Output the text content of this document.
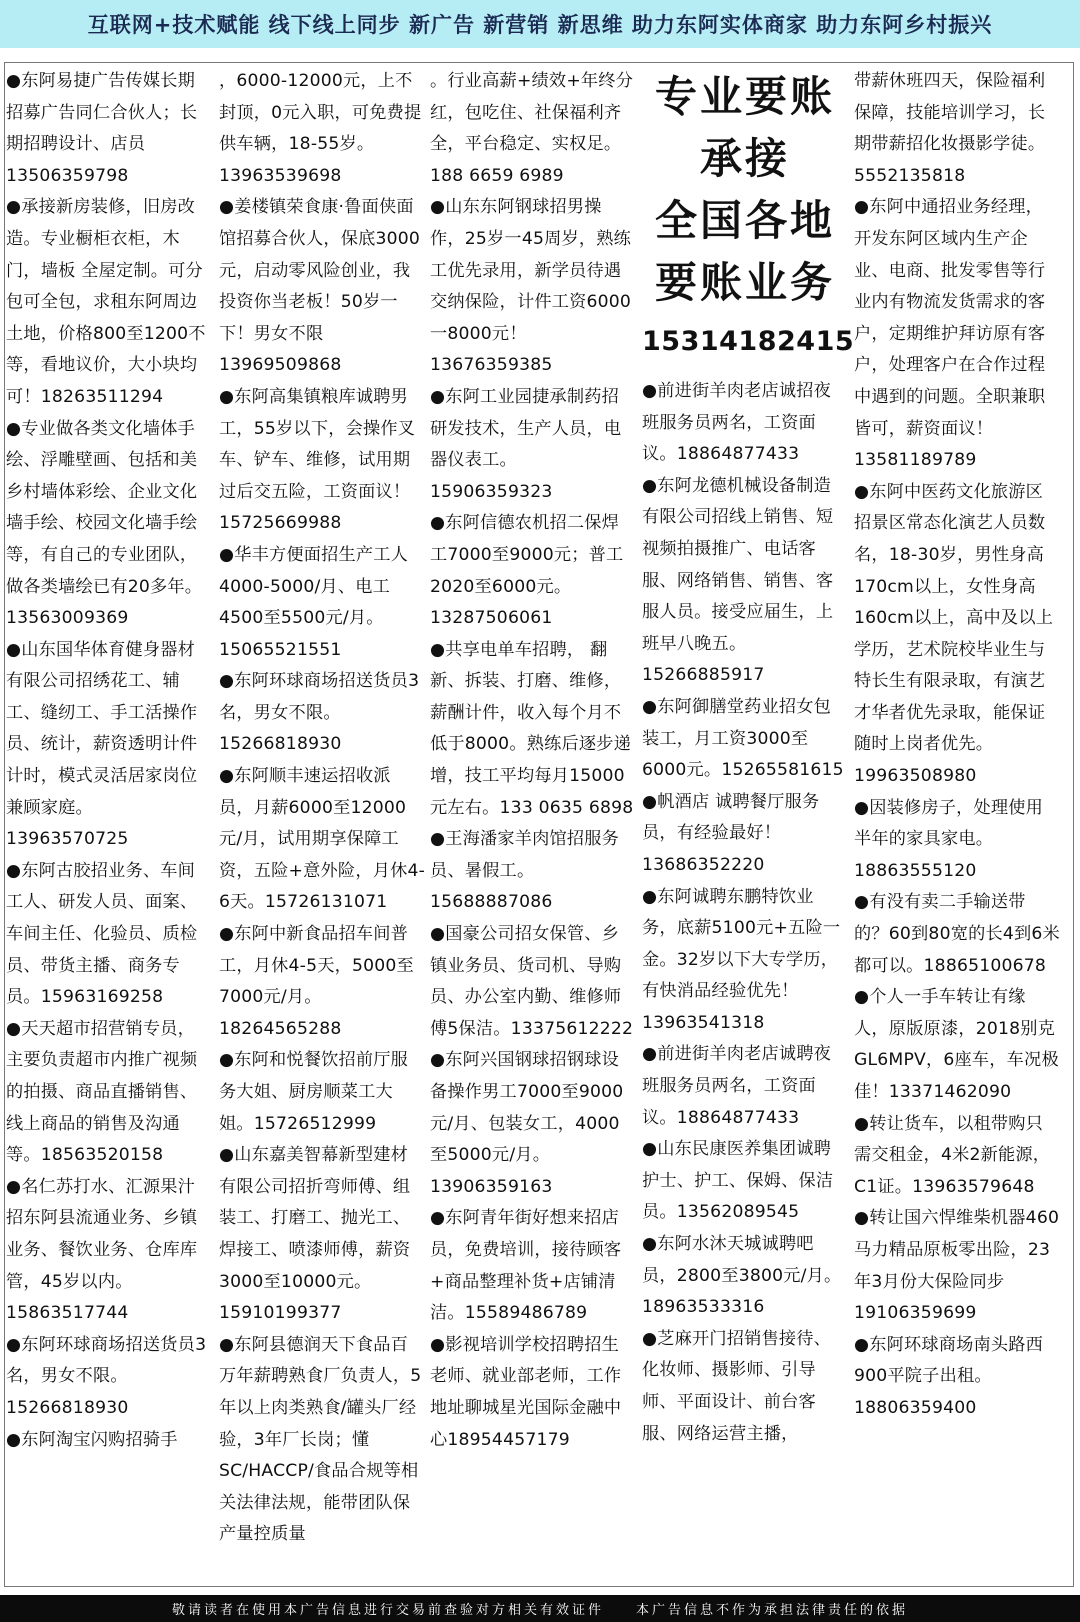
互联网+技术赋能 线下线上同步 新广告 新营销 新思维 助力东阿实体商家 助力东阿乡村振兴

●东阿易捷广告传媒长期招募广告同仁合伙人；长期招聘设计、店员13506359798

●承接新房装修，旧房改造。专业橱柜衣柜，木门，墙板 全屋定制。可分包可全包，求租东阿周边土地，价格800至1200不等，看地议价，大小块均可！18263511294

●专业做各类文化墙体手绘、浮雕壁画、包括和美乡村墙体彩绘、企业文化墙手绘、校园文化墙手绘等，有自己的专业团队，做各类墙绘已有20多年。13563009369

●山东国华体育健身器材有限公司招绣花工、辅工、缝纫工、手工活操作员、统计，薪资透明计件计时，模式灵活居家岗位兼顾家庭。13963570725

●东阿古胶招业务、车间工人、研发人员、面案、车间主任、化验员、质检员、带货主播、商务专员。15963169258

●天天超市招营销专员，主要负责超市内推广视频的拍摄、商品直播销售、线上商品的销售及沟通等。18563520158

●名仁苏打水、汇源果汁招东阿县流通业务、乡镇业务、餐饮业务、仓库库管，45岁以内。15863517744

●东阿环球商场招送货员3名，男女不限。15266818930

●东阿淘宝闪购招骑手

，6000-12000元，上不封顶，0元入职，可免费提供车辆，18-55岁。13963539698

●姜楼镇荣食康·鲁面侠面馆招募合伙人，保底3000元，启动零风险创业，我投资你当老板！50岁一下！男女不限13969509868

●东阿高集镇粮库诚聘男工，55岁以下，会操作叉车、铲车、维修，试用期过后交五险，工资面议！15725669988

●华丰方便面招生产工人4000-5000/月、电工4500至5500元/月。15065521551

●东阿环球商场招送货员3名，男女不限。15266818930

●东阿顺丰速运招收派员，月薪6000至12000元/月，试用期享保障工资，五险+意外险，月休4-6天。15726131071

●东阿中新食品招车间普工，月休4-5天，5000至7000元/月。18264565288

●东阿和悦餐饮招前厅服务大姐、厨房顺菜工大姐。15726512999

●山东嘉美智幕新型建材有限公司招折弯师傅、组装工、打磨工、抛光工、焊接工、喷漆师傅，薪资3000至10000元。15910199377

●东阿县德润天下食品百万年薪聘熟食厂负责人，5年以上肉类熟食/罐头厂经验，3年厂长岗；懂SC/HACCP/食品合规等相关法律法规，能带团队保产量控质量

。行业高薪+绩效+年终分红，包吃住、社保福利齐全，平台稳定、实权足。188 6659 6989

●山东东阿钢球招男操作，25岁一45周岁，熟练工优先录用，新学员待遇交纳保险，计件工资6000一8000元！13676359385

●东阿工业园捷承制药招研发技术，生产人员，电器仪表工。15906359323

●东阿信德农机招二保焊工7000至9000元；普工2020至6000元。13287506061

●共享电单车招聘， 翻新、拆装、打磨、维修， 薪酬计件，收入每个月不低于8000。熟练后逐步递增，技工平均每月15000元左右。133 0635 6898

●王海潘家羊肉馆招服务员、暑假工。15688887086

●国豪公司招女保管、乡镇业务员、货司机、导购员、办公室内勤、维修师傅5保洁。13375612222

●东阿兴国钢球招钢球设备操作男工7000至9000元/月、包装女工，4000至5000元/月。13906359163

●东阿青年街好想来招店员，免费培训，接待顾客+商品整理补货+店铺清洁。15589486789

●影视培训学校招聘招生老师、就业部老师，工作地址聊城星光国际金融中心18954457179

专业要账
承接
全国各地
要账业务
15314182415

●前进街羊肉老店诚招夜班服务员两名，工资面议。18864877433

●东阿龙德机械设备制造有限公司招线上销售、短视频拍摄推广、电话客服、网络销售、销售、客服人员。接受应届生，上班早八晚五。15266885917

●东阿御膳堂药业招女包装工，月工资3000至6000元。15265581615

●帆酒店 诚聘餐厅服务员，有经验最好！13686352220

●东阿诚聘东鹏特饮业务，底薪5100元+五险一金。32岁以下大专学历，有快消品经验优先！13963541318

●前进街羊肉老店诚聘夜班服务员两名，工资面议。18864877433

●山东民康医养集团诚聘护士、护工、保姆、保洁员。13562089545

●东阿水沐天城诚聘吧员，2800至3800元/月。18963533316

●芝麻开门招销售接待、化妆师、摄影师、引导师、平面设计、前台客服、网络运营主播，

带薪休班四天，保险福利保障，技能培训学习，长期带薪招化妆摄影学徒。5552135818

●东阿中通招业务经理，开发东阿区域内生产企业、电商、批发零售等行业内有物流发货需求的客户，定期维护拜访原有客户，处理客户在合作过程中遇到的问题。全职兼职皆可，薪资面议！13581189789

●东阿中医药文化旅游区招景区常态化演艺人员数名，18-30岁，男性身高170cm以上，女性身高160cm以上，高中及以上学历，艺术院校毕业生与特长生有限录取，有演艺才华者优先录取，能保证随时上岗者优先。19963508980

●因装修房子，处理使用半年的家具家电。18863555120

●有没有卖二手输送带的？60到80宽的长4到6米都可以。18865100678

●个人一手车转让有缘人，原版原漆，2018别克GL6MPV，6座车，车况极佳！13371462090

●转让货车，以租带购只需交租金，4米2新能源，C1证。13963579648

●转让国六悍维柴机器460马力精品原板零出险，23年3月份大保险同步19106359699

●东阿环球商场南头路西900平院子出租。18806359400

敬请读者在使用本广告信息进行交易前查验对方相关有效证件 本广告信息不作为承担法律责任的依据
